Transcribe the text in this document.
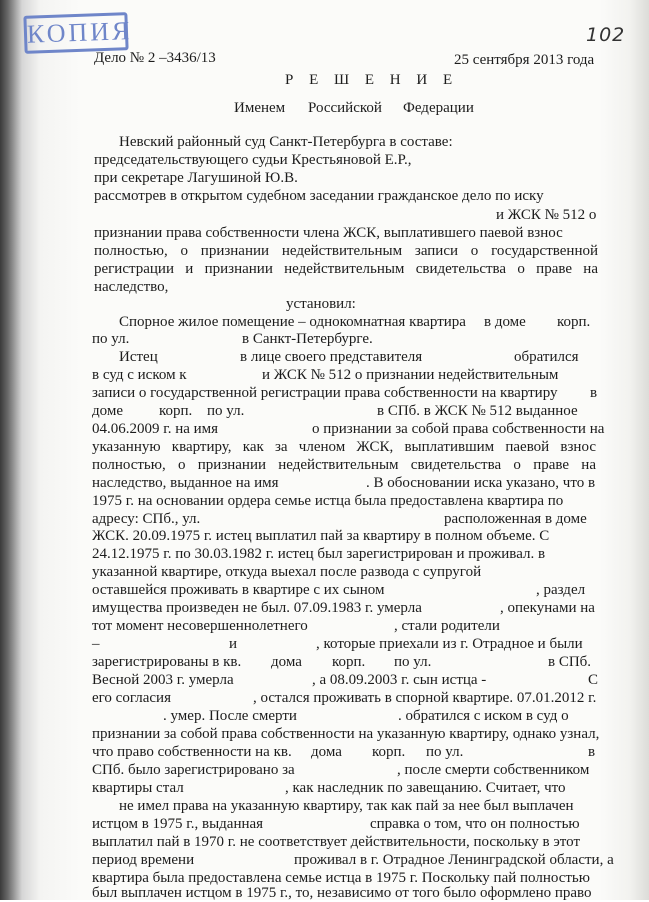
КОПИЯ	102
Дело № 2 –3436/13	25 сентября 2013 года
Р Е Ш Е Н И Е
Именем Российской Федерации
Невский районный суд Санкт-Петербурга в составе:
председательствующего судьи Крестьяновой Е.Р.,
при секретаре Лагушиной Ю.В.
рассмотрев в открытом судебном заседании гражданское дело по иску
и ЖСК № 512 о
признании права собственности члена ЖСК, выплатившего паевой взнос
полностью, о признании недействительным записи о государственной
регистрации и признании недействительным свидетельства о праве на
наследство,
установил:
Спорное жилое помещение – однокомнатная квартира в доме корп.
по ул.	в Санкт-Петербурге.
Истец	в лице своего представителя	обратился
в суд с иском к	и ЖСК № 512 о признании недействительным
записи о государственной регистрации права собственности на квартиру в
доме корп. по ул.	в СПб. в ЖСК № 512 выданное
04.06.2009 г. на имя	о признании за собой права собственности на
указанную квартиру, как за членом ЖСК, выплатившим паевой взнос
полностью, о признании недействительным свидетельства о праве на
наследство, выданное на имя	. В обосновании иска указано, что в
1975 г. на основании ордера семье истца была предоставлена квартира по
адресу: СПб., ул.	расположенная в доме
ЖСК. 20.09.1975 г. истец выплатил пай за квартиру в полном объеме. С
24.12.1975 г. по 30.03.1982 г. истец был зарегистрирован и проживал. в
указанной квартире, откуда выехал после развода с супругой
оставшейся проживать в квартире с их сыном	, раздел
имущества произведен не был. 07.09.1983 г. умерла	, опекунами на
тот момент несовершеннолетнего	, стали родители
–	и	, которые приехали из г. Отрадное и были
зарегистрированы в кв. дома корп. по ул.	в СПб.
Весной 2003 г. умерла	, а 08.09.2003 г. сын истца -	С
его согласия	, остался проживать в спорной квартире. 07.01.2012 г.
. умер. После смерти	. обратился с иском в суд о
признании за собой права собственности на указанную квартиру, однако узнал,
что право собственности на кв. дома корп. по ул.	в
СПб. было зарегистрировано за	, после смерти собственником
квартиры стал	, как наследник по завещанию. Считает, что
не имел права на указанную квартиру, так как пай за нее был выплачен
истцом в 1975 г., выданная	справка о том, что он полностью
выплатил пай в 1970 г. не соответствует действительности, поскольку в этот
период времени	проживал в г. Отрадное Ленинградской области, а
квартира была предоставлена семье истца в 1975 г. Поскольку пай полностью
был выплачен истцом в 1975 г., то, независимо от того было оформлено право
